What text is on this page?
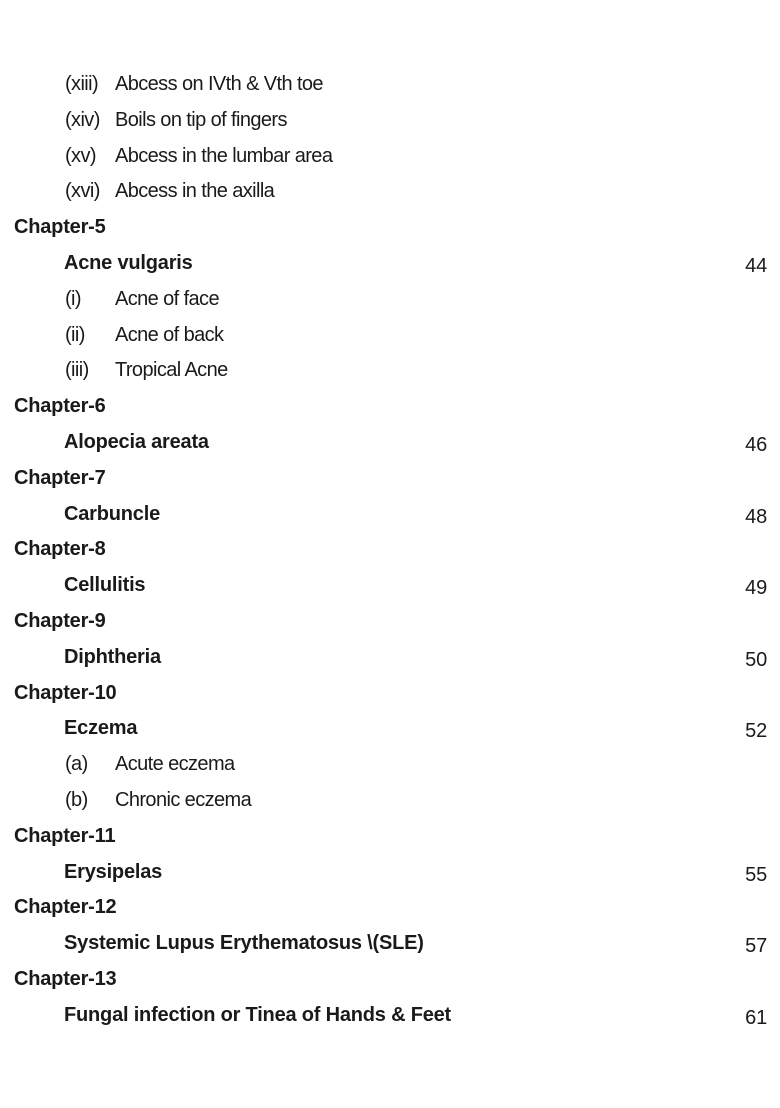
(xiii) Abcess on IVth & Vth toe
(xiv) Boils on tip of fingers
(xv) Abcess in the lumbar area
(xvi) Abcess in the axilla
Chapter-5
Acne vulgaris	44
(i) Acne of face
(ii) Acne of back
(iii) Tropical Acne
Chapter-6
Alopecia areata	46
Chapter-7
Carbuncle	48
Chapter-8
Cellulitis	49
Chapter-9
Diphtheria	50
Chapter-10
Eczema	52
(a) Acute eczema
(b) Chronic eczema
Chapter-11
Erysipelas	55
Chapter-12
Systemic Lupus Erythematosus \(SLE)	57
Chapter-13
Fungal infection or Tinea of Hands & Feet	61
